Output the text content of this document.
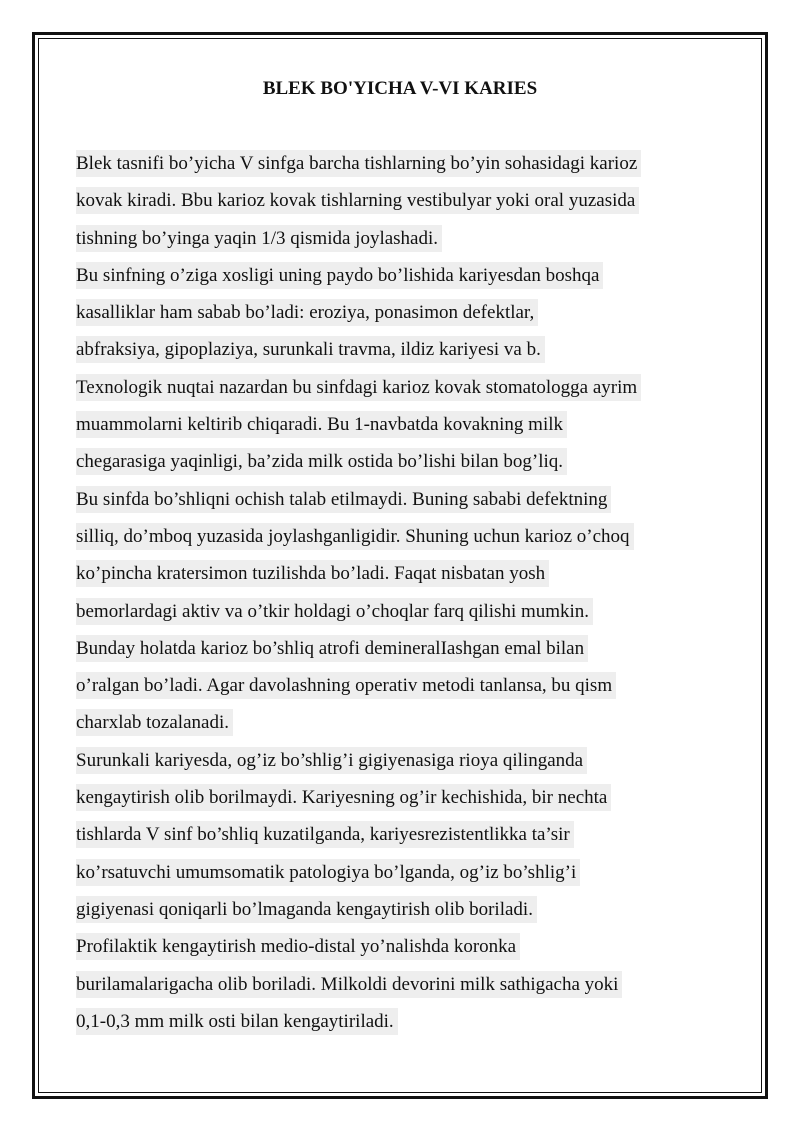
BLEK BO'YICHA V-VI KARIES
Blek tasnifi bo’yicha V sinfga barcha tishlarning bo’yin sohasidagi karioz
kovak kiradi. Bbu karioz kovak tishlarning vestibulyar yoki oral yuzasida
tishning bo’yinga yaqin 1/3 qismida joylashadi.
Bu sinfning o’ziga xosligi uning paydo bo’lishida kariyesdan boshqa
kasalliklar ham sabab bo’ladi: eroziya, ponasimon defektlar,
abfraksiya, gipoplaziya, surunkali travma, ildiz kariyesi va b.
Texnologik nuqtai nazardan bu sinfdagi karioz kovak stomatologga ayrim
muammolarni keltirib chiqaradi. Bu 1-navbatda kovakning milk
chegarasiga yaqinligi, ba’zida milk ostida bo’lishi bilan bog’liq.
Bu sinfda bo’shliqni ochish talab etilmaydi. Buning sababi defektning
silliq, do’mboq yuzasida joylashganligidir. Shuning uchun karioz o’choq
ko’pincha kratersimon tuzilishda bo’ladi. Faqat nisbatan yosh
bemorlardagi aktiv va o’tkir holdagi o’choqlar farq qilishi mumkin.
Bunday holatda karioz bo’shliq atrofi demineralIashgan emal bilan
o’ralgan bo’ladi. Agar davolashning operativ metodi tanlansa, bu qism
charxlab tozalanadi.
Surunkali kariyesda, og’iz bo’shlig’i gigiyenasiga rioya qilinganda
kengaytirish olib borilmaydi. Kariyesning og’ir kechishida, bir nechta
tishlarda V sinf bo’shliq kuzatilganda, kariyesrezistentlikka ta’sir
ko’rsatuvchi umumsomatik patologiya bo’lganda, og’iz bo’shlig’i
gigiyenasi qoniqarli bo’lmaganda kengaytirish olib boriladi.
Profilaktik kengaytirish medio-distal yo’nalishda koronka
burilamalarigacha olib boriladi. Milkoldi devorini milk sathigacha yoki
0,1-0,3 mm milk osti bilan kengaytiriladi.
